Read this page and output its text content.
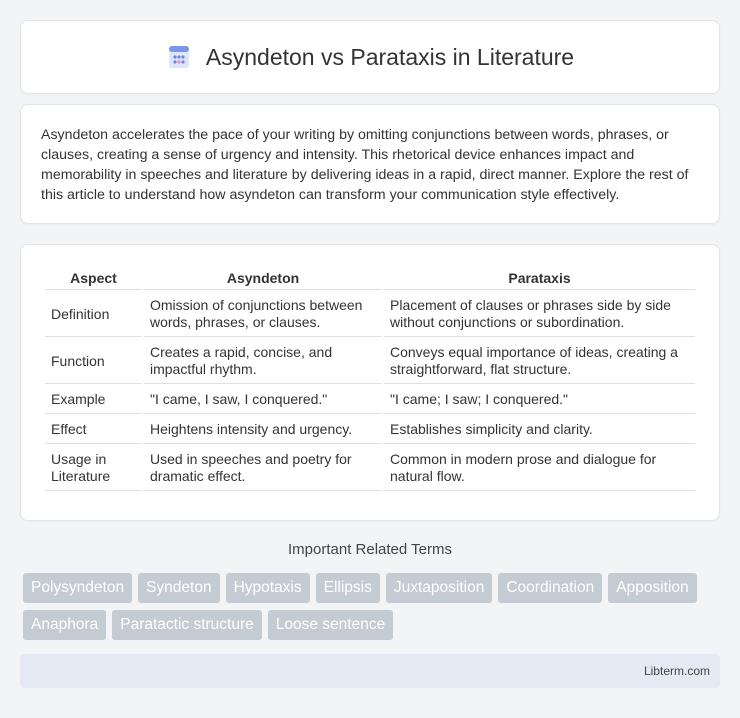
Asyndeton vs Parataxis in Literature

Asyndeton accelerates the pace of your writing by omitting conjunctions between words, phrases, or clauses, creating a sense of urgency and intensity. This rhetorical device enhances impact and memorability in speeches and literature by delivering ideas in a rapid, direct manner. Explore the rest of this article to understand how asyndeton can transform your communication style effectively.

Aspect	Asyndeton	Parataxis
Definition	Omission of conjunctions between words, phrases, or clauses.	Placement of clauses or phrases side by side without conjunctions or subordination.
Function	Creates a rapid, concise, and impactful rhythm.	Conveys equal importance of ideas, creating a straightforward, flat structure.
Example	"I came, I saw, I conquered."	"I came; I saw; I conquered."
Effect	Heightens intensity and urgency.	Establishes simplicity and clarity.
Usage in Literature	Used in speeches and poetry for dramatic effect.	Common in modern prose and dialogue for natural flow.
Important Related Terms
Polysyndeton	Syndeton	Hypotaxis	Ellipsis	Juxtaposition	Coordination	Apposition
Anaphora	Paratactic structure	Loose sentence
Libterm.com
